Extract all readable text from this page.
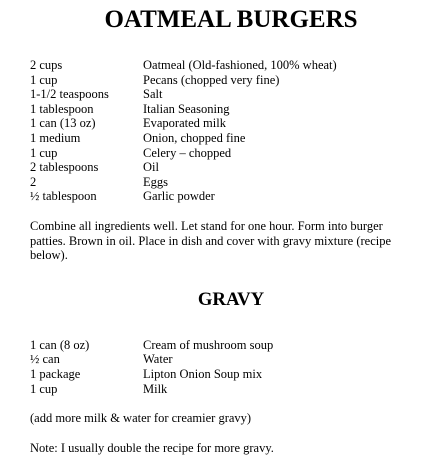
OATMEAL BURGERS
2 cups	Oatmeal (Old-fashioned, 100% wheat)
1 cup	Pecans (chopped very fine)
1-1/2 teaspoons	Salt
1 tablespoon	Italian Seasoning
1 can (13 oz)	Evaporated milk
1 medium	Onion, chopped fine
1 cup	Celery – chopped
2 tablespoons	Oil
2	Eggs
½ tablespoon	Garlic powder

Combine all ingredients well. Let stand for one hour. Form into burger patties. Brown in oil. Place in dish and cover with gravy mixture (recipe below).

GRAVY
1 can (8 oz)	Cream of mushroom soup
½ can	Water
1 package	Lipton Onion Soup mix
1 cup	Milk

(add more milk & water for creamier gravy)

Note: I usually double the recipe for more gravy.
